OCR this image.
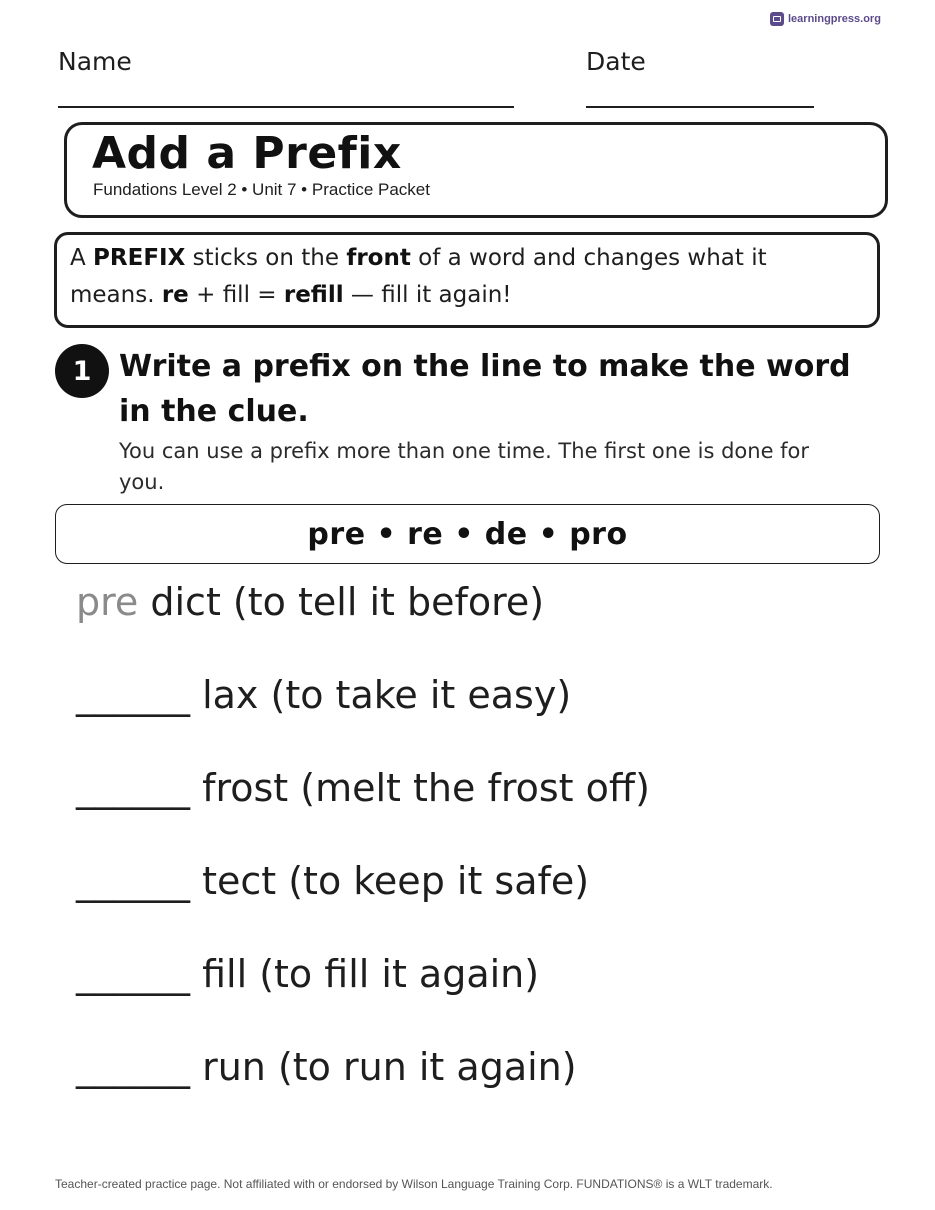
learningpress.org
Name	Date
Add a Prefix
Fundations Level 2 • Unit 7 • Practice Packet
A PREFIX sticks on the front of a word and changes what it
means. re + fill = refill — fill it again!
1 Write a prefix on the line to make the word
in the clue.
You can use a prefix more than one time. The first one is done for
you.
pre • re • de • pro
pre dict (to tell it before)
______ lax (to take it easy)
______ frost (melt the frost off)
______ tect (to keep it safe)
______ fill (to fill it again)
______ run (to run it again)
Teacher-created practice page. Not affiliated with or endorsed by Wilson Language Training Corp. FUNDATIONS® is a WLT trademark.
